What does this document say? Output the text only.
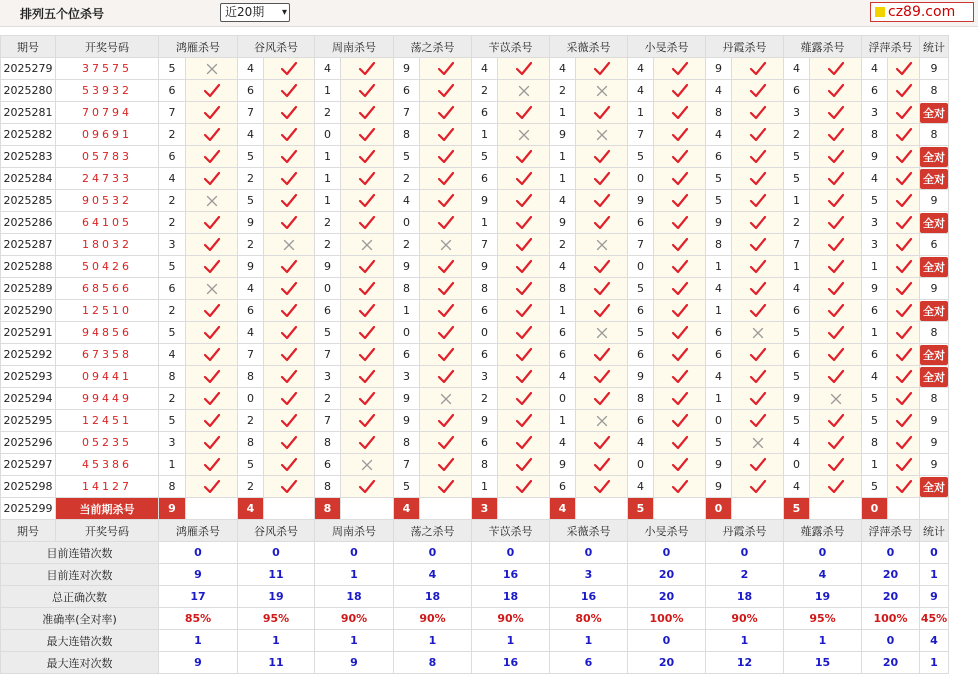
排列五个位杀号	近20期 ▾	cz89.com
期号	开奖号码	鸿雁杀号		谷风杀号		周南杀号		荡之杀号		苄苡杀号		采薇杀号		小旻杀号		丹霞杀号		薤露杀号		浮萍杀号		统计
2025279	37575	5		4		4		9		4		4		4		9		4		4		9
2025280	53932	6		6		1		6		2		2		4		4		6		6		8
2025281	70794	7		7		2		7		6		1		1		8		3		3		全对
2025282	09691	2		4		0		8		1		9		7		4		2		8		8
2025283	05783	6		5		1		5		5		1		5		6		5		9		全对
2025284	24733	4		2		1		2		6		1		0		5		5		4		全对
2025285	90532	2		5		1		4		9		4		9		5		1		5		9
2025286	64105	2		9		2		0		1		9		6		9		2		3		全对
2025287	18032	3		2		2		2		7		2		7		8		7		3		6
2025288	50426	5		9		9		9		9		4		0		1		1		1		全对
2025289	68566	6		4		0		8		8		8		5		4		4		9		9
2025290	12510	2		6		6		1		6		1		6		1		6		6		全对
2025291	94856	5		4		5		0		0		6		5		6		5		1		8
2025292	67358	4		7		7		6		6		6		6		6		6		6		全对
2025293	09441	8		8		3		3		3		4		9		4		5		4		全对
2025294	99449	2		0		2		9		2		0		8		1		9		5		8
2025295	12451	5		2		7		9		9		1		6		0		5		5		9
2025296	05235	3		8		8		8		6		4		4		5		4		8		9
2025297	45386	1		5		6		7		8		9		0		9		0		1		9
2025298	14127	8		2		8		5		1		6		4		9		4		5		全对
2025299	当前期杀号	9		4		8		4		3		4		5		0		5		0		
期号	开奖号码	鸿雁杀号		谷风杀号		周南杀号		荡之杀号		苄苡杀号		采薇杀号		小旻杀号		丹霞杀号		薤露杀号		浮萍杀号		统计
目前连错次数		0		0		0		0		0		0		0		0		0		0		0
目前连对次数		9		11		1		4		16		3		20		2		4		20		1
总正确次数		17		19		18		18		18		16		20		18		19		20		9
准确率(全对率)		85%		95%		90%		90%		90%		80%		100%		90%		95%		100%		45%
最大连错次数		1		1		1		1		1		1		0		1		1		0		4
最大连对次数		9		11		9		8		16		6		20		12		15		20		1
